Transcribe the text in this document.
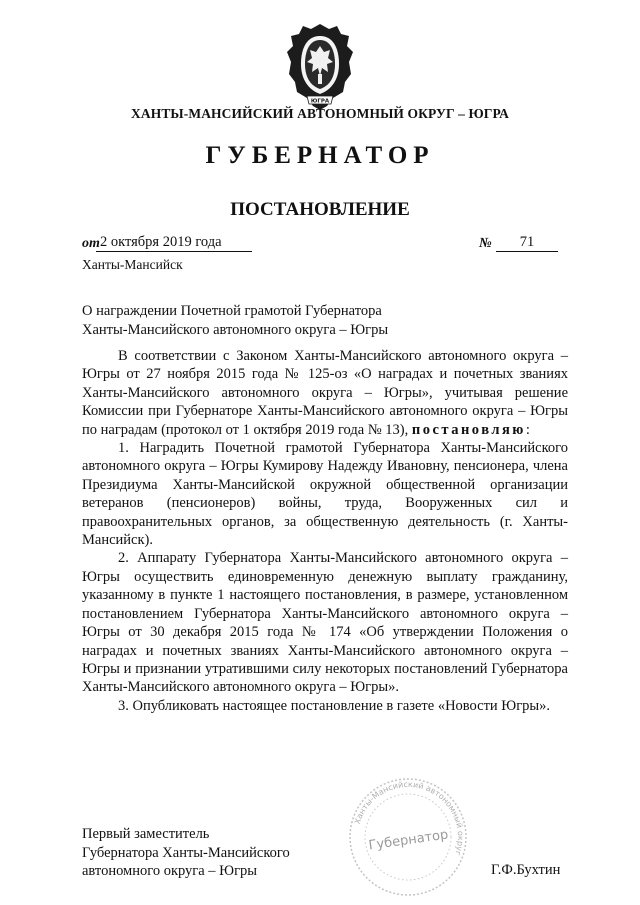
ЮГРА
ХАНТЫ-МАНСИЙСКИЙ АВТОНОМНЫЙ ОКРУГ – ЮГРА
ГУБЕРНАТОР
ПОСТАНОВЛЕНИЕ
от 2 октября 2019 года	№	71
Ханты-Мансийск
О награждении Почетной грамотой Губернатора
Ханты-Мансийского автономного округа – Югры

В соответствии с Законом Ханты-Мансийского автономного округа – Югры от 27 ноября 2015 года № 125-оз «О наградах и почетных званиях Ханты-Мансийского автономного округа – Югры», учитывая решение Комиссии при Губернаторе Ханты-Мансийского автономного округа – Югры по наградам (протокол от 1 октября 2019 года № 13), постановляю:

1. Наградить Почетной грамотой Губернатора Ханты-Мансийского автономного округа – Югры Кумирову Надежду Ивановну, пенсионера, члена Президиума Ханты-Мансийской окружной общественной организации ветеранов (пенсионеров) войны, труда, Вооруженных сил и правоохранительных органов, за общественную деятельность (г. Ханты-Мансийск).

2. Аппарату Губернатора Ханты-Мансийского автономного округа – Югры осуществить единовременную денежную выплату гражданину, указанному в пункте 1 настоящего постановления, в размере, установленном постановлением Губернатора Ханты-Мансийского автономного округа – Югры от 30 декабря 2015 года № 174 «Об утверждении Положения о наградах и почетных званиях Ханты-Мансийского автономного округа – Югры и признании утратившими силу некоторых постановлений Губернатора Ханты-Мансийского автономного округа – Югры».

3. Опубликовать настоящее постановление в газете «Новости Югры».

Первый заместитель
Губернатора Ханты-Мансийского
автономного округа – Югры	Г.Ф.Бухтин
Ханты-Мансийский автономный округ
Губернатор
